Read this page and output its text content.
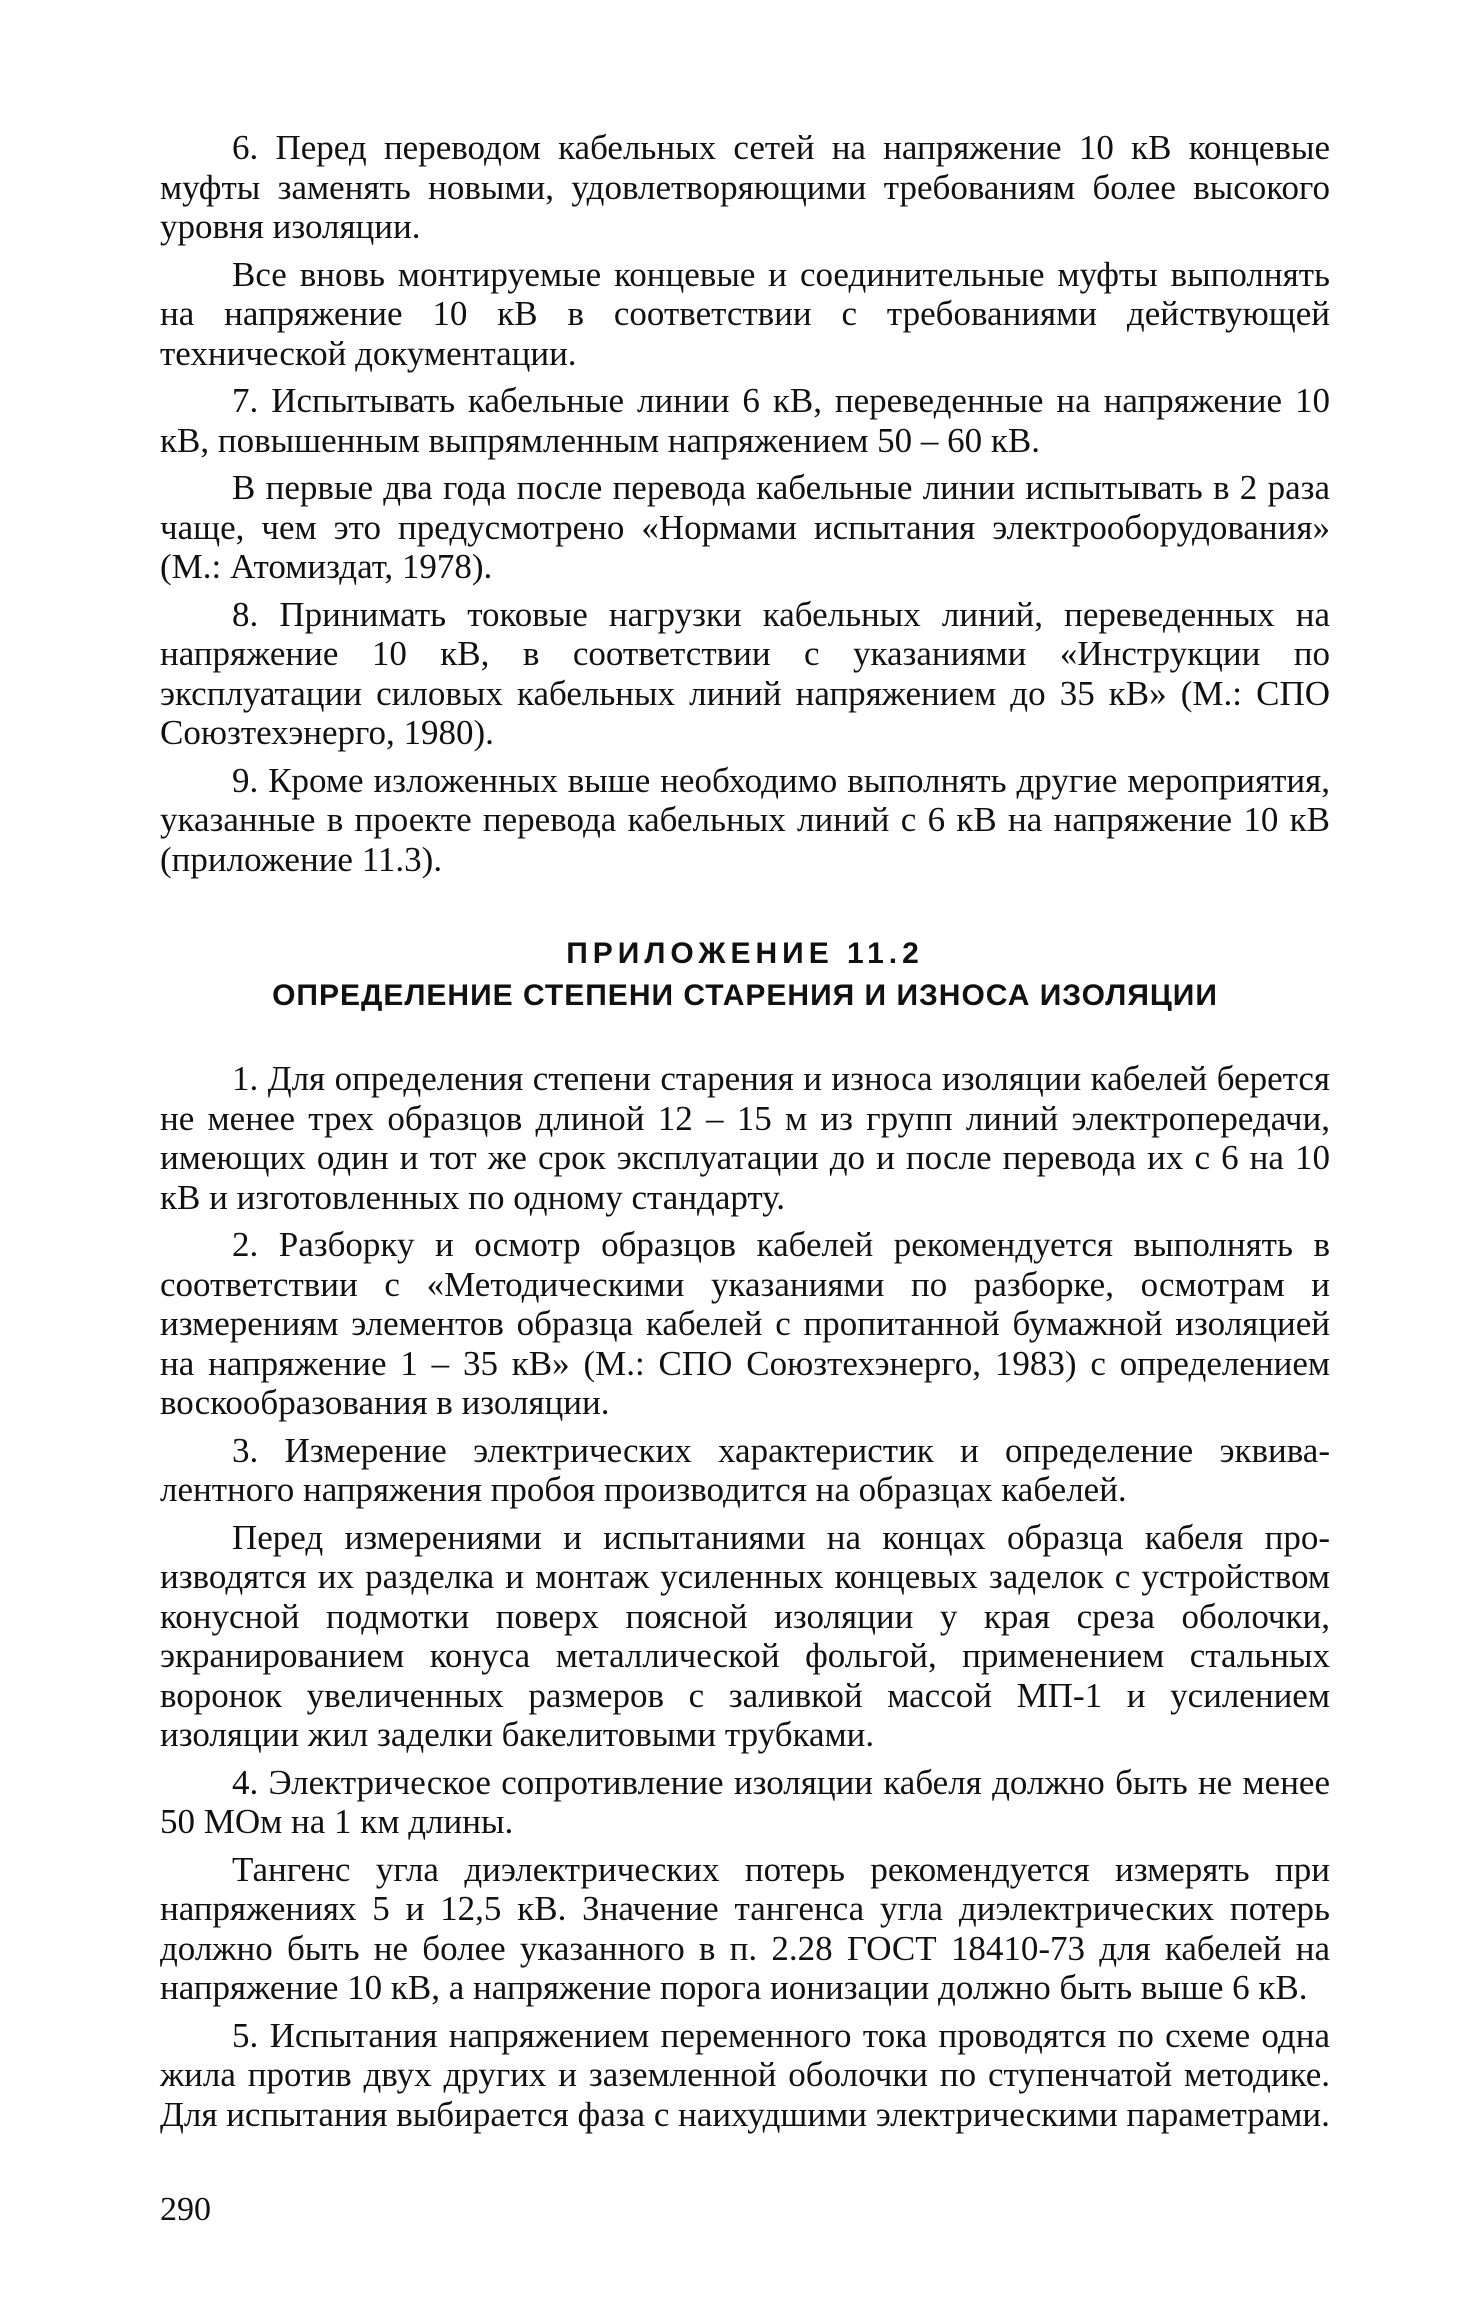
6. Перед переводом кабельных сетей на напряжение 10 кВ концевые муфты заменять новыми, удовлетворяющими требованиям более высокого уровня изоляции.

Все вновь монтируемые концевые и соединительные муфты выполнять на напряжение 10 кВ в соответствии с требованиями действующей технической документации.

7. Испытывать кабельные линии 6 кВ, переведенные на напряжение 10 кВ, повышенным выпрямленным напряжением 50 – 60 кВ.

В первые два года после перевода кабельные линии испытывать в 2 раза чаще, чем это предусмотрено «Нормами испытания электрооборудования» (М.: Атомиздат, 1978).

8. Принимать токовые нагрузки кабельных линий, переведенных на напряжение 10 кВ, в соответствии с указаниями «Инструкции по эксплуатации силовых кабельных линий напряжением до 35 кВ» (М.: СПО Союзтехэнерго, 1980).

9. Кроме изложенных выше необходимо выполнять другие мероприятия, указанные в проекте перевода кабельных линий с 6 кВ на напряжение 10 кВ (приложение 11.3).

ПРИЛОЖЕНИЕ 11.2
ОПРЕДЕЛЕНИЕ СТЕПЕНИ СТАРЕНИЯ И ИЗНОСА ИЗОЛЯЦИИ

1. Для определения степени старения и износа изоляции кабелей берется не менее трех образцов длиной 12 – 15 м из групп линий электропередачи, имеющих один и тот же срок эксплуатации до и после перевода их с 6 на 10 кВ и изготовленных по одному стандарту.

2. Разборку и осмотр образцов кабелей рекомендуется выполнять в соответствии с «Методическими указаниями по разборке, осмотрам и измерениям элементов образца кабелей с пропитанной бумажной изоляцией на напряжение 1 – 35 кВ» (М.: СПО Союзтехэнерго, 1983) с определением воскообразования в изоляции.

3. Измерение электрических характеристик и определение эквивалентного напряжения пробоя производится на образцах кабелей.

Перед измерениями и испытаниями на концах образца кабеля производятся их разделка и монтаж усиленных концевых заделок с устройством конусной подмотки поверх поясной изоляции у края среза оболочки, экранированием конуса металлической фольгой, применением стальных воронок увеличенных размеров с заливкой массой МП-1 и усилением изоляции жил заделки бакелитовыми трубками.

4. Электрическое сопротивление изоляции кабеля должно быть не менее 50 МОм на 1 км длины.

Тангенс угла диэлектрических потерь рекомендуется измерять при напряжениях 5 и 12,5 кВ. Значение тангенса угла диэлектрических потерь должно быть не более указанного в п. 2.28 ГОСТ 18410-73 для кабелей на напряжение 10 кВ, а напряжение порога ионизации должно быть выше 6 кВ.

5. Испытания напряжением переменного тока проводятся по схеме одна жила против двух других и заземленной оболочки по ступенчатой методике. Для испытания выбирается фаза с наихудшими электрическими параметрами.

290
